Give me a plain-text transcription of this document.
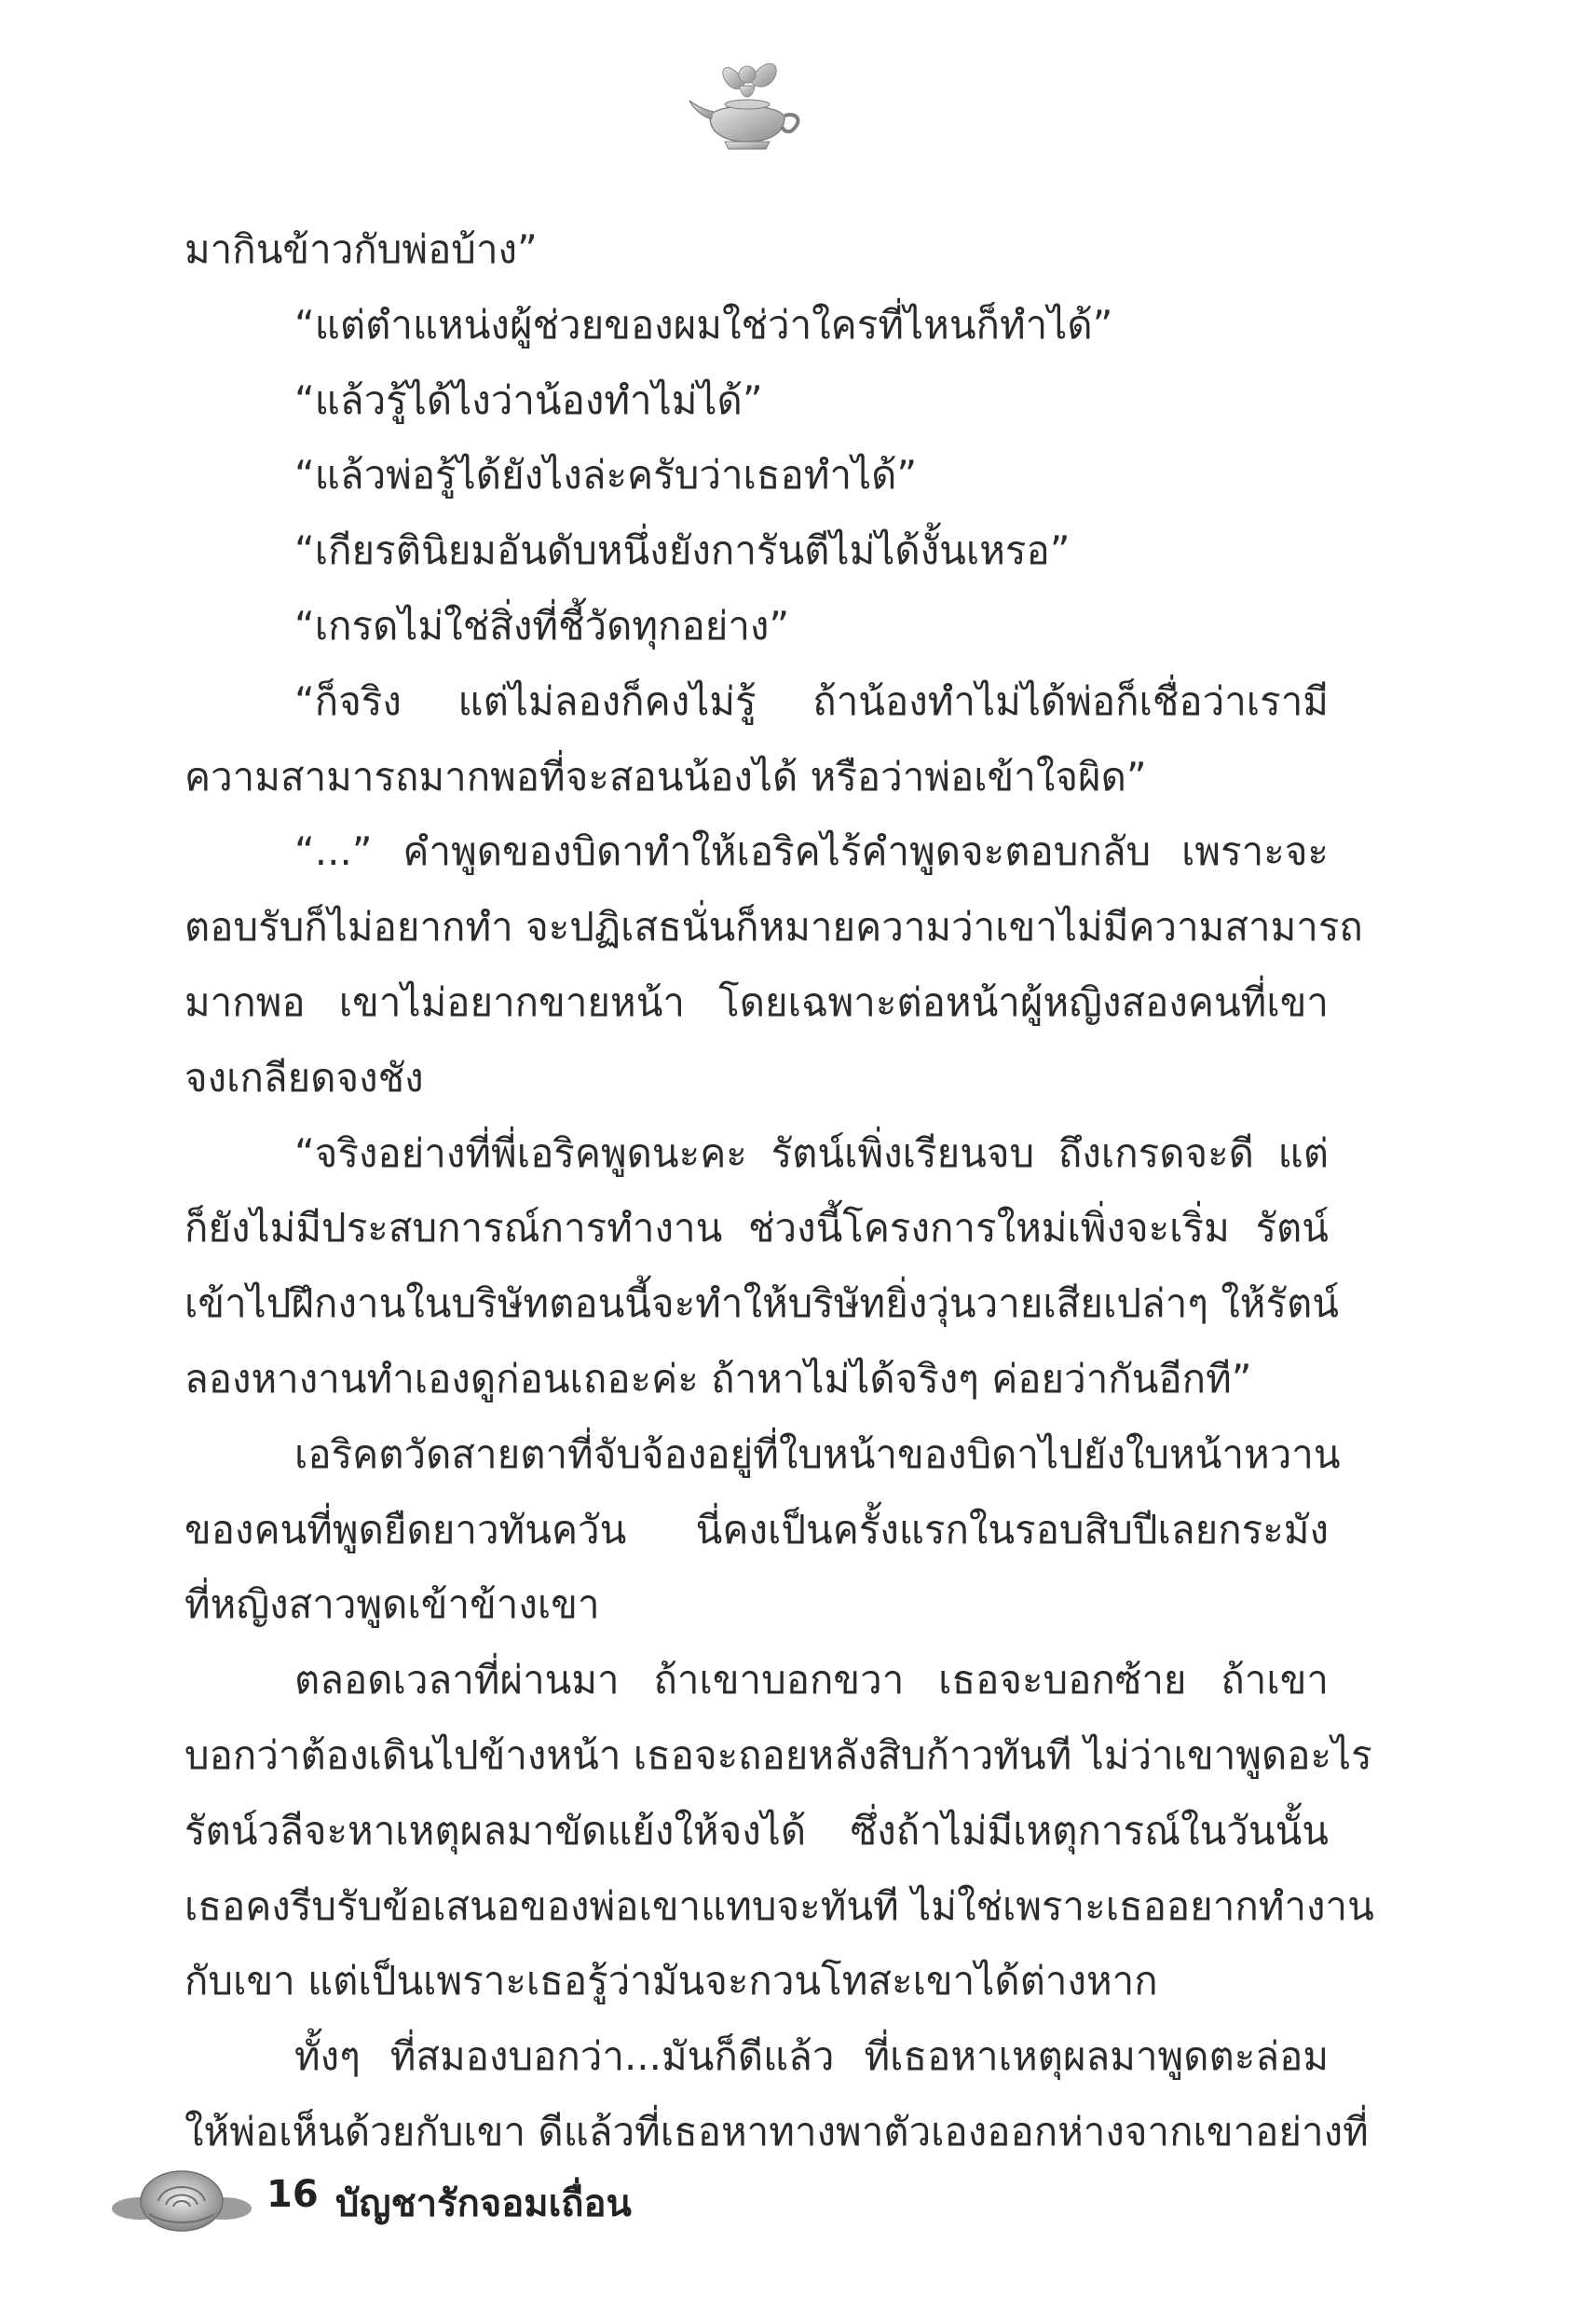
มากินข้าวกับพ่อบ้าง”
“แต่ตำแหน่งผู้ช่วยของผมใช่ว่าใครที่ไหนก็ทำได้”
“แล้วรู้ได้ไงว่าน้องทำไม่ได้”
“แล้วพ่อรู้ได้ยังไงล่ะครับว่าเธอทำได้”
“เกียรตินิยมอันดับหนึ่งยังการันตีไม่ได้งั้นเหรอ”
“เกรดไม่ใช่สิ่งที่ชี้วัดทุกอย่าง”
“ก็จริง แต่ไม่ลองก็คงไม่รู้ ถ้าน้องทำไม่ได้พ่อก็เชื่อว่าเรามี
ความสามารถมากพอที่จะสอนน้องได้ หรือว่าพ่อเข้าใจผิด”
“...” คำพูดของบิดาทำให้เอริคไร้คำพูดจะตอบกลับ เพราะจะ
ตอบรับก็ไม่อยากทำ จะปฏิเสธนั่นก็หมายความว่าเขาไม่มีความสามารถ
มากพอ เขาไม่อยากขายหน้า โดยเฉพาะต่อหน้าผู้หญิงสองคนที่เขา
จงเกลียดจงชัง
“จริงอย่างที่พี่เอริคพูดนะคะ รัตน์เพิ่งเรียนจบ ถึงเกรดจะดี แต่
ก็ยังไม่มีประสบการณ์การทำงาน ช่วงนี้โครงการใหม่เพิ่งจะเริ่ม รัตน์
เข้าไปฝึกงานในบริษัทตอนนี้จะทำให้บริษัทยิ่งวุ่นวายเสียเปล่าๆ ให้รัตน์
ลองหางานทำเองดูก่อนเถอะค่ะ ถ้าหาไม่ได้จริงๆ ค่อยว่ากันอีกที”
เอริคตวัดสายตาที่จับจ้องอยู่ที่ใบหน้าของบิดาไปยังใบหน้าหวาน
ของคนที่พูดยืดยาวทันควัน นี่คงเป็นครั้งแรกในรอบสิบปีเลยกระมัง
ที่หญิงสาวพูดเข้าข้างเขา
ตลอดเวลาที่ผ่านมา ถ้าเขาบอกขวา เธอจะบอกซ้าย ถ้าเขา
บอกว่าต้องเดินไปข้างหน้า เธอจะถอยหลังสิบก้าวทันที ไม่ว่าเขาพูดอะไร
รัตน์วลีจะหาเหตุผลมาขัดแย้งให้จงได้ ซึ่งถ้าไม่มีเหตุการณ์ในวันนั้น
เธอคงรีบรับข้อเสนอของพ่อเขาแทบจะทันที ไม่ใช่เพราะเธออยากทำงาน
กับเขา แต่เป็นเพราะเธอรู้ว่ามันจะกวนโทสะเขาได้ต่างหาก
ทั้งๆ ที่สมองบอกว่า...มันก็ดีแล้ว ที่เธอหาเหตุผลมาพูดตะล่อม
ให้พ่อเห็นด้วยกับเขา ดีแล้วที่เธอหาทางพาตัวเองออกห่างจากเขาอย่างที่
16 บัญชารักจอมเถื่อน
